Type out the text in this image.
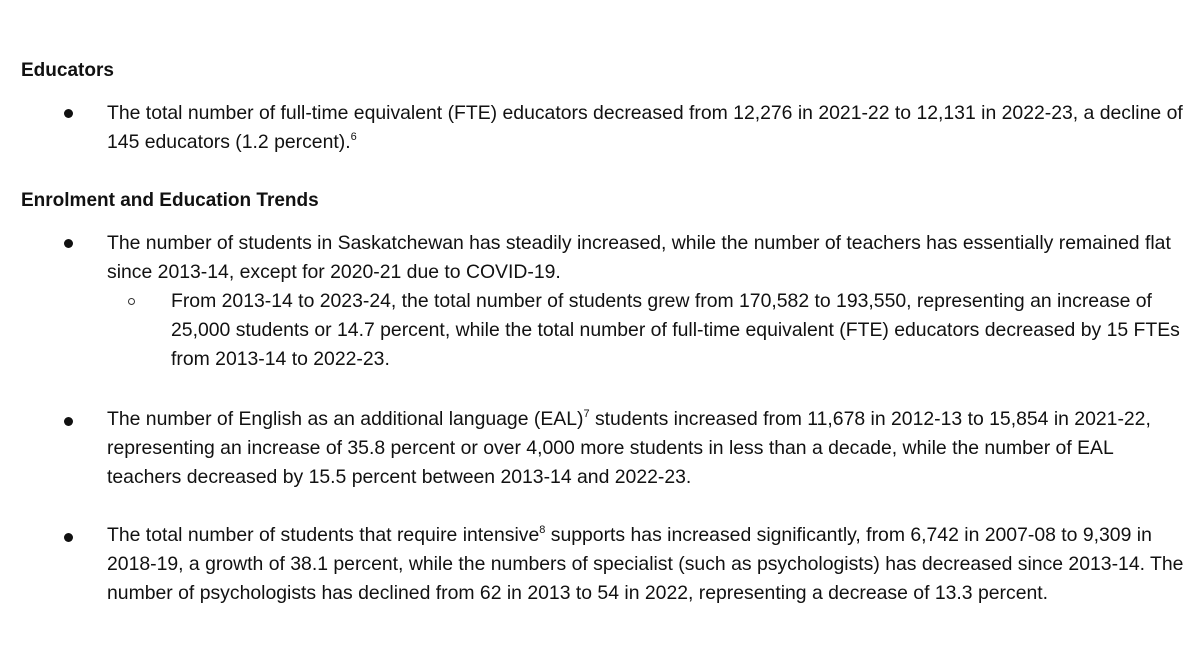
Educators

The total number of full-time equivalent (FTE) educators decreased from 12,276 in 2021-22 to 12,131 in 2022-23, a decline of 145 educators (1.2 percent).$^6$

Enrolment and Education Trends

The number of students in Saskatchewan has steadily increased, while the number of teachers has essentially remained flat since 2013-14, except for 2020-21 due to COVID-19.

From 2013-14 to 2023-24, the total number of students grew from 170,582 to 193,550, representing an increase of 25,000 students or 14.7 percent, while the total number of full-time equivalent (FTE) educators decreased by 15 FTEs from 2013-14 to 2022-23.

The number of English as an additional language (EAL)$^7$ students increased from 11,678 in 2012-13 to 15,854 in 2021-22, representing an increase of 35.8 percent or over 4,000 more students in less than a decade, while the number of EAL teachers decreased by 15.5 percent between 2013-14 and 2022-23.

The total number of students that require intensive$^8$ supports has increased significantly, from 6,742 in 2007-08 to 9,309 in 2018-19, a growth of 38.1 percent, while the numbers of specialist (such as psychologists) has decreased since 2013-14. The number of psychologists has declined from 62 in 2013 to 54 in 2022, representing a decrease of 13.3 percent.
